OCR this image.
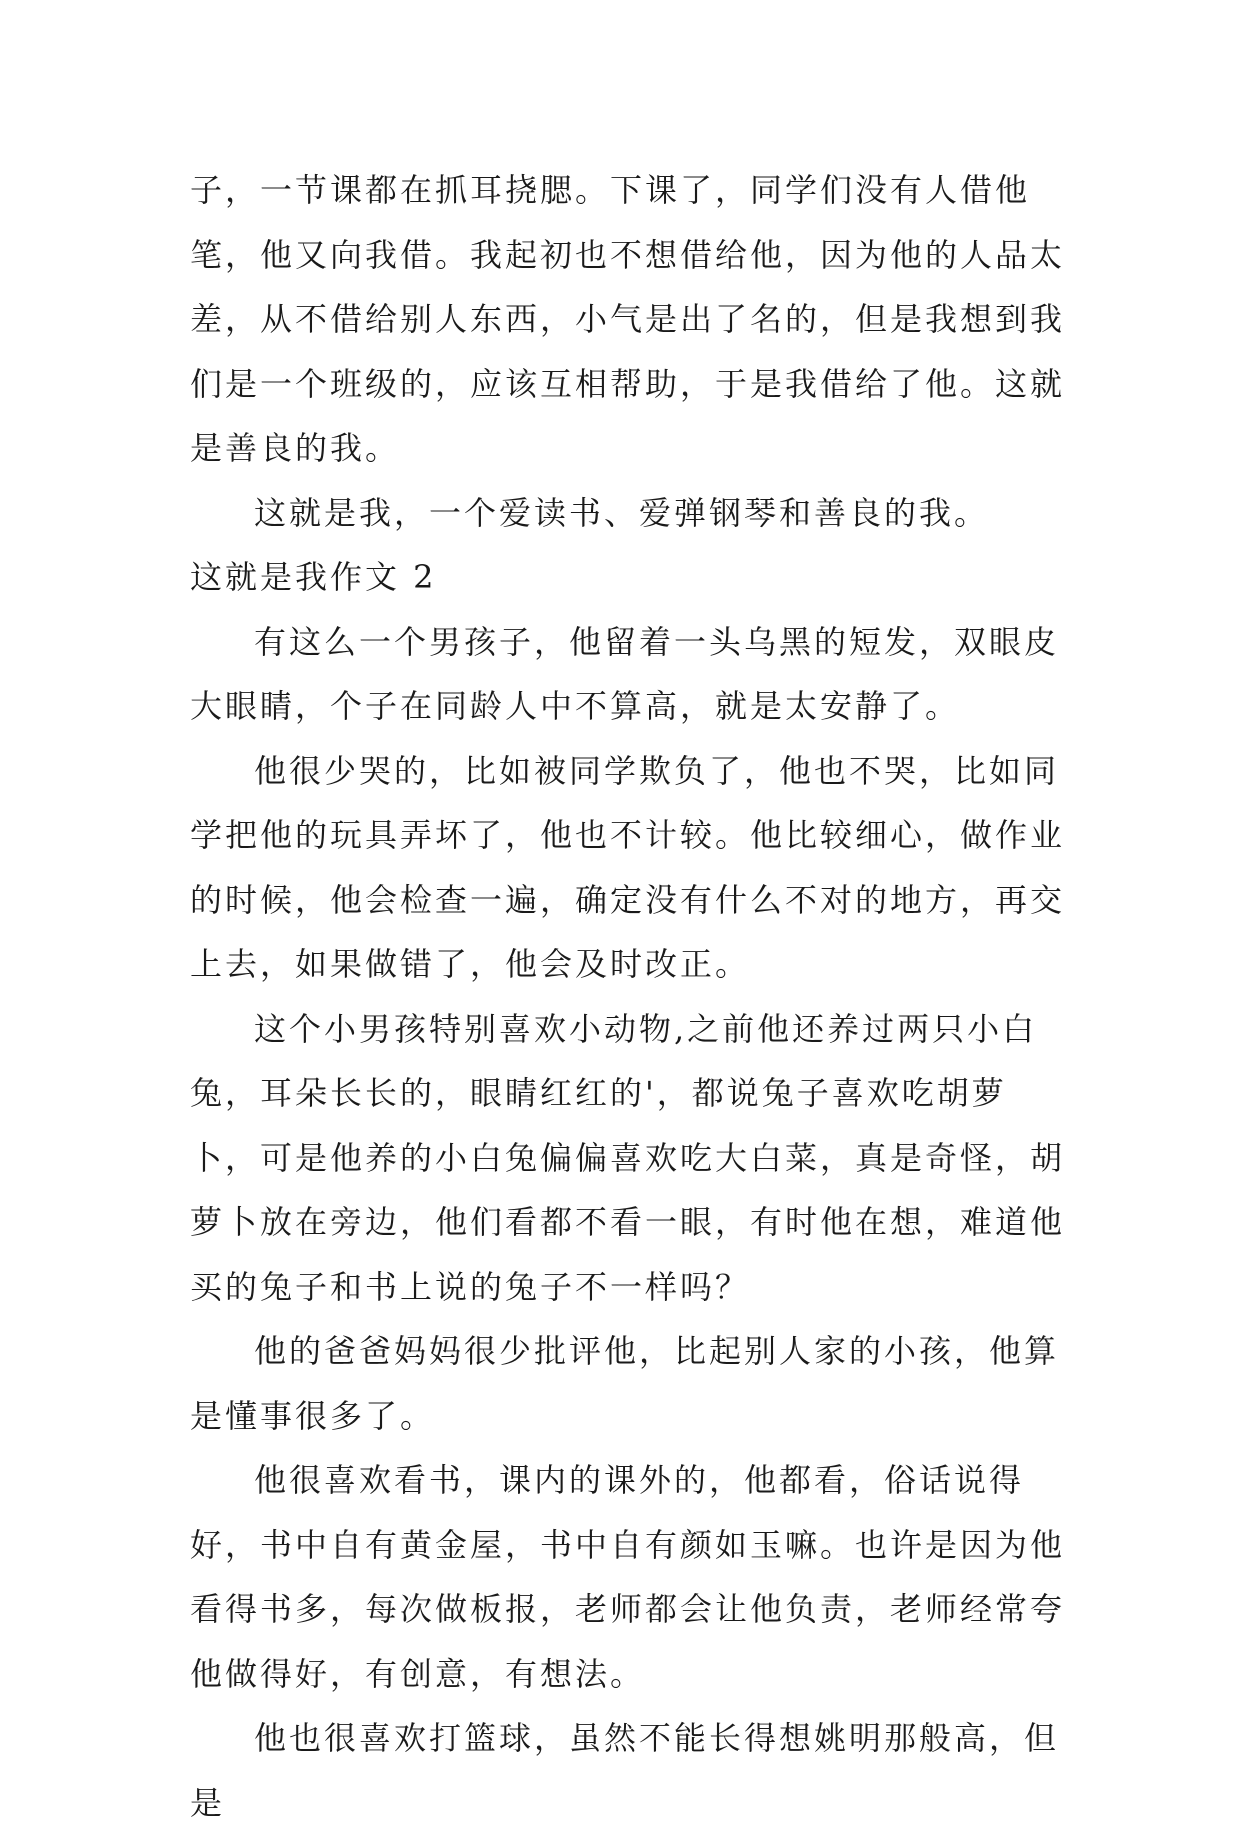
子，一节课都在抓耳挠腮。下课了，同学们没有人借他笔，他又向我借。我起初也不想借给他，因为他的人品太差，从不借给别人东西，小气是出了名的，但是我想到我们是一个班级的，应该互相帮助，于是我借给了他。这就是善良的我。

这就是我，一个爱读书、爱弹钢琴和善良的我。

这就是我作文 2

有这么一个男孩子，他留着一头乌黑的短发，双眼皮大眼睛，个子在同龄人中不算高，就是太安静了。

他很少哭的，比如被同学欺负了，他也不哭，比如同学把他的玩具弄坏了，他也不计较。他比较细心，做作业的时候，他会检查一遍，确定没有什么不对的地方，再交上去，如果做错了，他会及时改正。

这个小男孩特别喜欢小动物,之前他还养过两只小白兔，耳朵长长的，眼睛红红的'，都说兔子喜欢吃胡萝卜，可是他养的小白兔偏偏喜欢吃大白菜，真是奇怪，胡萝卜放在旁边，他们看都不看一眼，有时他在想，难道他买的兔子和书上说的兔子不一样吗？

他的爸爸妈妈很少批评他，比起别人家的小孩，他算是懂事很多了。

他很喜欢看书，课内的课外的，他都看，俗话说得好，书中自有黄金屋，书中自有颜如玉嘛。也许是因为他看得书多，每次做板报，老师都会让他负责，老师经常夸他做得好，有创意，有想法。

他也很喜欢打篮球，虽然不能长得想姚明那般高，但是
